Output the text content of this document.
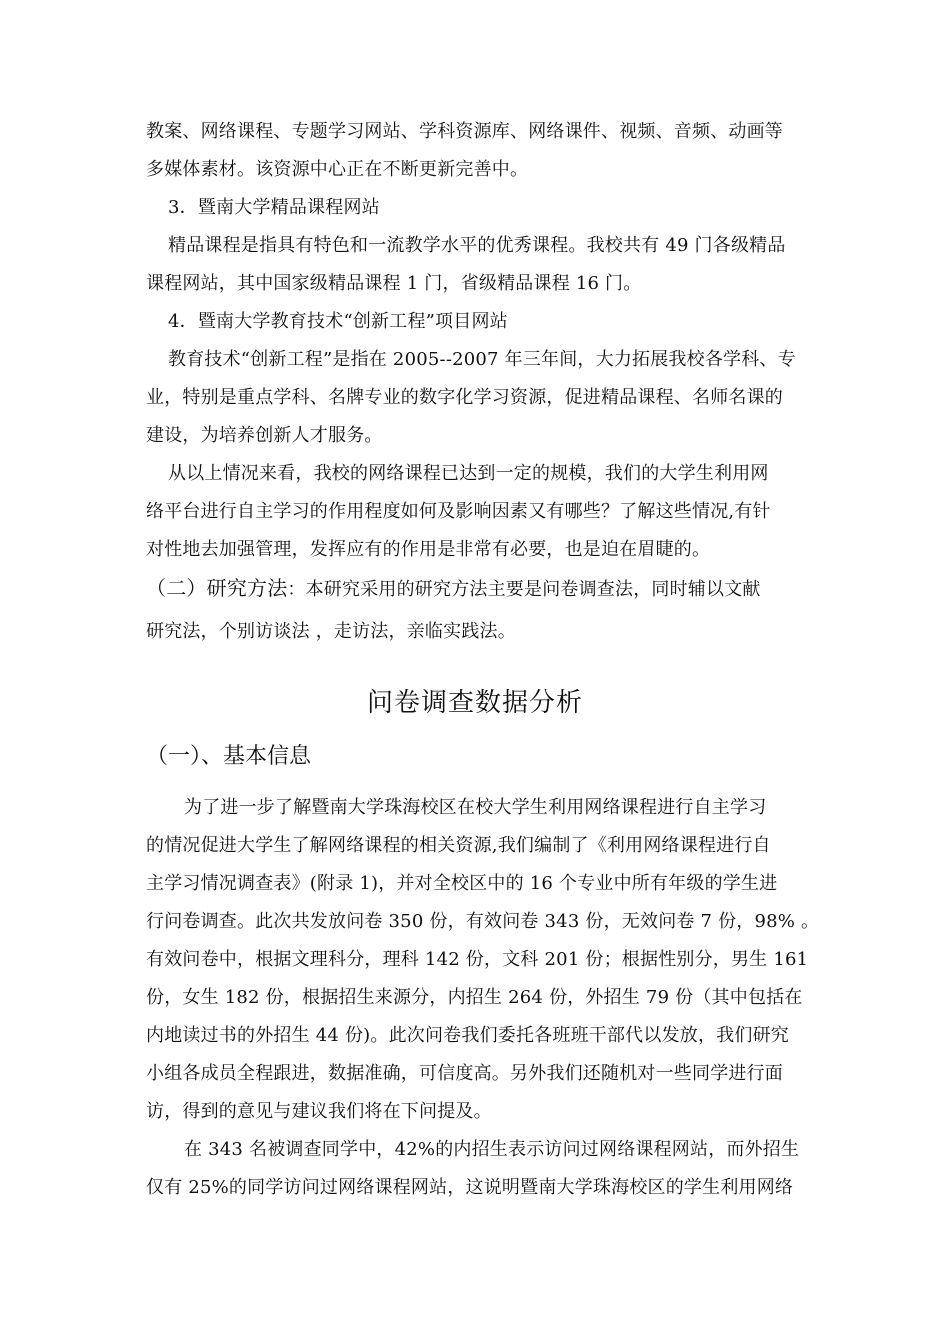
教案、网络课程、专题学习网站、学科资源库、网络课件、视频、音频、动画等
多媒体素材。该资源中心正在不断更新完善中。
3．暨南大学精品课程网站
精品课程是指具有特色和一流教学水平的优秀课程。我校共有 49 门各级精品
课程网站，其中国家级精品课程 1 门，省级精品课程 16 门。
4．暨南大学教育技术“创新工程”项目网站
教育技术“创新工程”是指在 2005--2007 年三年间，大力拓展我校各学科、专
业，特别是重点学科、名牌专业的数字化学习资源，促进精品课程、名师名课的
建设，为培养创新人才服务。
从以上情况来看，我校的网络课程已达到一定的规模，我们的大学生利用网
络平台进行自主学习的作用程度如何及影响因素又有哪些？了解这些情况,有针
对性地去加强管理，发挥应有的作用是非常有必要，也是迫在眉睫的。
（二）研究方法：本研究采用的研究方法主要是问卷调查法，同时辅以文献
研究法，个别访谈法 ，走访法，亲临实践法。
问卷调查数据分析
（一）、基本信息
为了进一步了解暨南大学珠海校区在校大学生利用网络课程进行自主学习
的情况促进大学生了解网络课程的相关资源,我们编制了《利用网络课程进行自
主学习情况调查表》(附录 1)，并对全校区中的 16 个专业中所有年级的学生进
行问卷调查。此次共发放问卷 350 份，有效问卷 343 份，无效问卷 7 份，98% 。
有效问卷中，根据文理科分，理科 142 份，文科 201 份；根据性别分，男生 161
份，女生 182 份，根据招生来源分，内招生 264 份，外招生 79 份（其中包括在
内地读过书的外招生 44 份)。此次问卷我们委托各班班干部代以发放，我们研究
小组各成员全程跟进，数据准确，可信度高。另外我们还随机对一些同学进行面
访，得到的意见与建议我们将在下问提及。
在 343 名被调查同学中，42%的内招生表示访问过网络课程网站，而外招生
仅有 25%的同学访问过网络课程网站，这说明暨南大学珠海校区的学生利用网络
